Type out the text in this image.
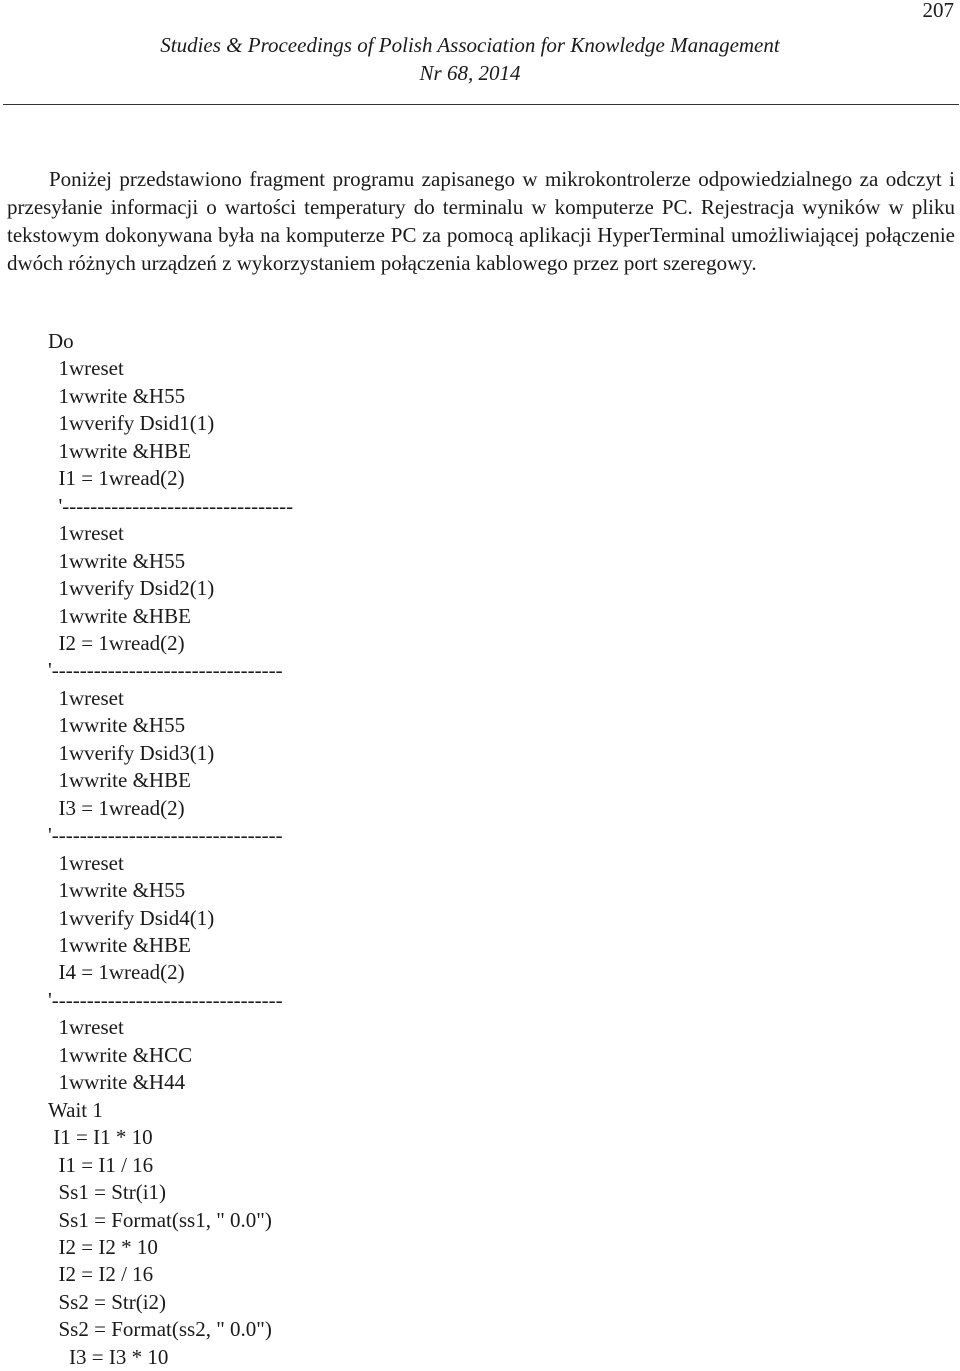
207
Studies & Proceedings of Polish Association for Knowledge Management
Nr 68, 2014

Poniżej przedstawiono fragment programu zapisanego w mikrokontrolerze odpowiedzialnego za odczyt i przesyłanie informacji o wartości temperatury do terminalu w komputerze PC. Rejestracja wyników w pliku tekstowym dokonywana była na komputerze PC za pomocą aplikacji HyperTerminal umożliwiającej połączenie dwóch różnych urządzeń z wykorzystaniem połączenia kablowego przez port szeregowy.

Do
1wreset
1wwrite &H55
1wverify Dsid1(1)
1wwrite &HBE
I1 = 1wread(2)
'---------------------------------
1wreset
1wwrite &H55
1wverify Dsid2(1)
1wwrite &HBE
I2 = 1wread(2)
'---------------------------------
1wreset
1wwrite &H55
1wverify Dsid3(1)
1wwrite &HBE
I3 = 1wread(2)
'---------------------------------
1wreset
1wwrite &H55
1wverify Dsid4(1)
1wwrite &HBE
I4 = 1wread(2)
'---------------------------------
1wreset
1wwrite &HCC
1wwrite &H44
Wait 1
I1 = I1 * 10
I1 = I1 / 16
Ss1 = Str(i1)
Ss1 = Format(ss1, " 0.0")
I2 = I2 * 10
I2 = I2 / 16
Ss2 = Str(i2)
Ss2 = Format(ss2, " 0.0")
I3 = I3 * 10
